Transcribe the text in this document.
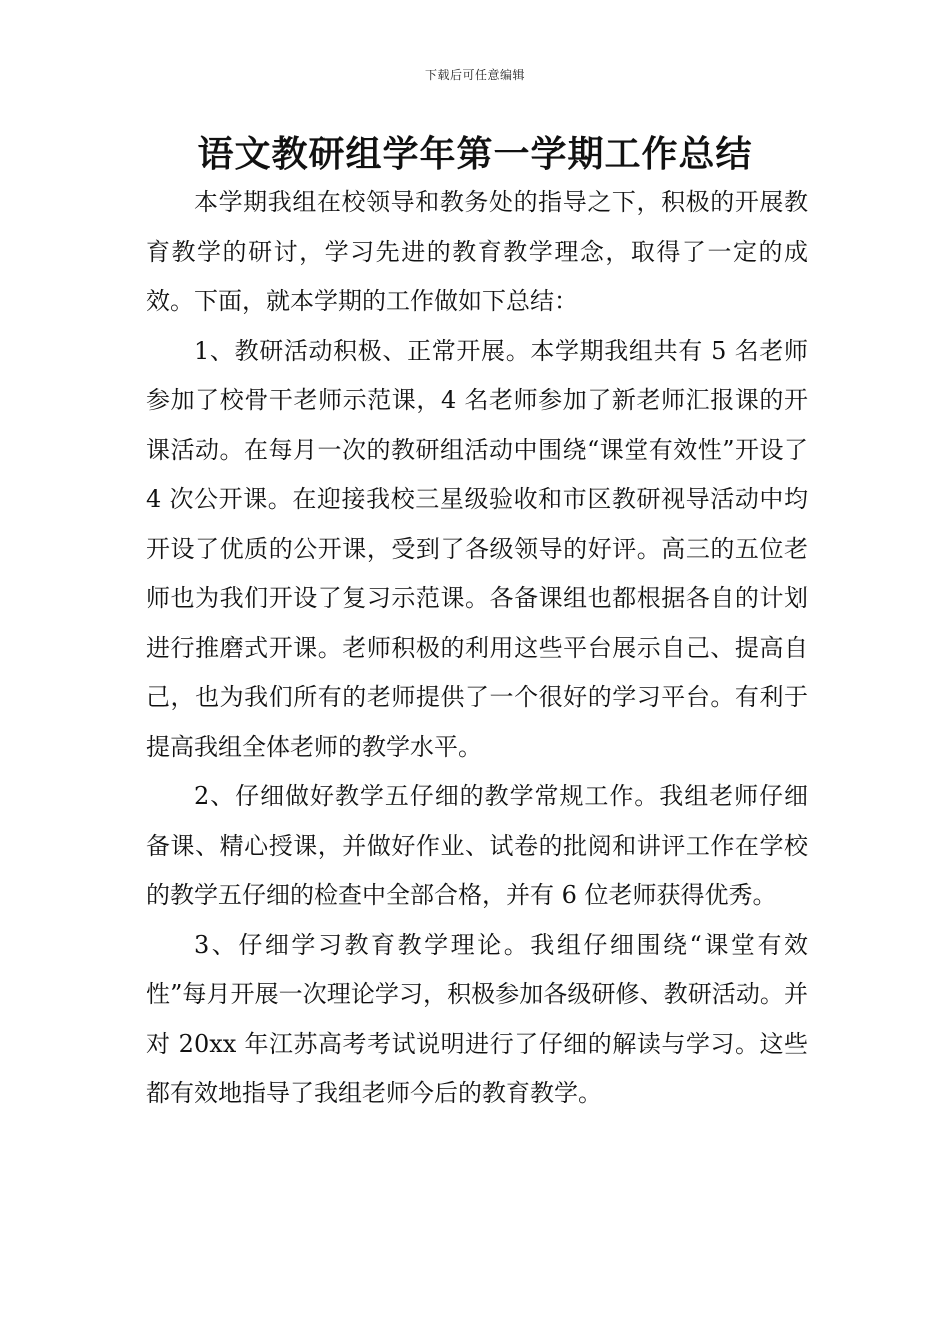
下载后可任意编辑
语文教研组学年第一学期工作总结

本学期我组在校领导和教务处的指导之下，积极的开展教育教学的研讨，学习先进的教育教学理念，取得了一定的成效。下面，就本学期的工作做如下总结：

1、教研活动积极、正常开展。本学期我组共有 5 名老师参加了校骨干老师示范课，4 名老师参加了新老师汇报课的开课活动。在每月一次的教研组活动中围绕“课堂有效性”开设了 4 次公开课。在迎接我校三星级验收和市区教研视导活动中均开设了优质的公开课，受到了各级领导的好评。高三的五位老师也为我们开设了复习示范课。各备课组也都根据各自的计划进行推磨式开课。老师积极的利用这些平台展示自己、提高自己，也为我们所有的老师提供了一个很好的学习平台。有利于提高我组全体老师的教学水平。

2、仔细做好教学五仔细的教学常规工作。我组老师仔细备课、精心授课，并做好作业、试卷的批阅和讲评工作在学校的教学五仔细的检查中全部合格，并有 6 位老师获得优秀。

3、仔细学习教育教学理论。我组仔细围绕“课堂有效性”每月开展一次理论学习，积极参加各级研修、教研活动。并对 20xx 年江苏高考考试说明进行了仔细的解读与学习。这些都有效地指导了我组老师今后的教育教学。
